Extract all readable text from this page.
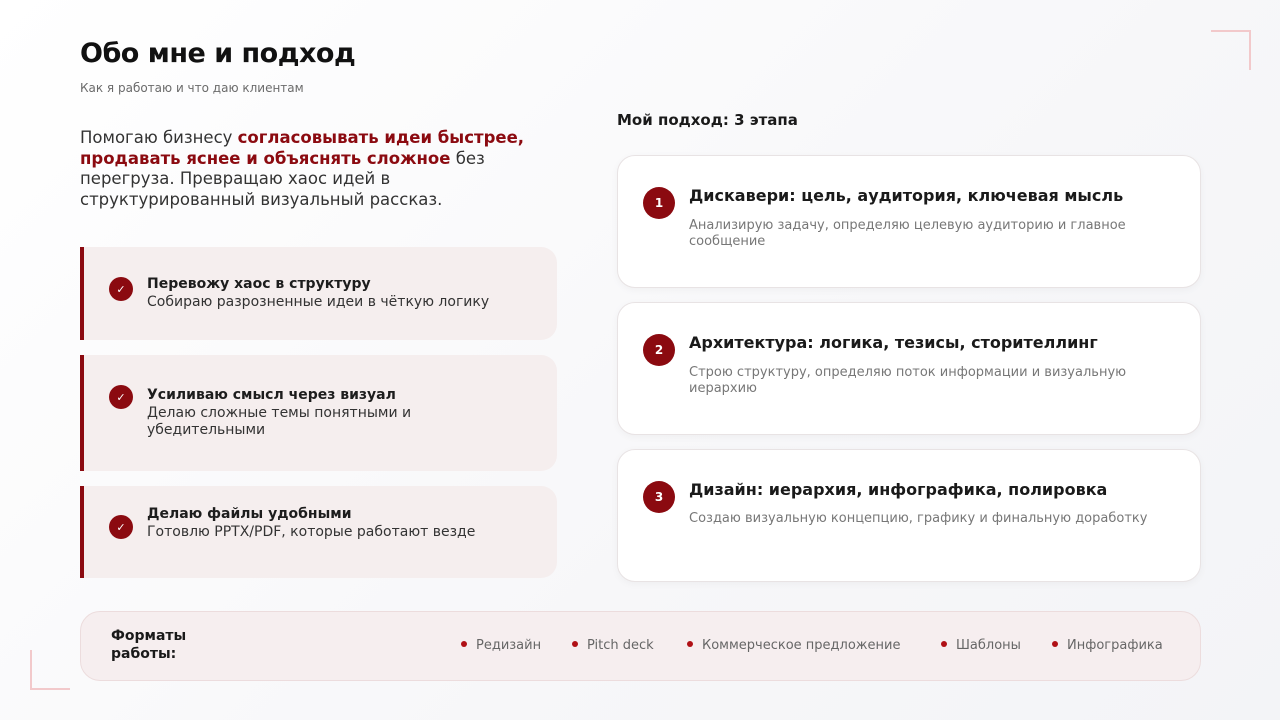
Обо мне и подход
Как я работаю и что даю клиентам

Помогаю бизнесу согласовывать идеи быстрее, продавать яснее и объяснять сложное без перегруза. Превращаю хаос идей в структурированный визуальный рассказ.

✓	Перевожу хаос в структуру
Собираю разрозненные идеи в чёткую логику
✓	Усиливаю смысл через визуал
Делаю сложные темы понятными и убедительными
✓
Делаю файлы удобными
Готовлю PPTX/PDF, которые работают везде
Мой подход: 3 этапа
1	Дискавери: цель, аудитория, ключевая мысль
Анализирую задачу, определяю целевую аудиторию и главное сообщение
2	Архитектура: логика, тезисы, сторителлинг
Строю структуру, определяю поток информации и визуальную иерархию
3	Дизайн: иерархия, инфографика, полировка
Создаю визуальную концепцию, графику и финальную доработку
Форматы работы:	Редизайн	Pitch deck	Коммерческое предложение	Шаблоны	Инфографика
